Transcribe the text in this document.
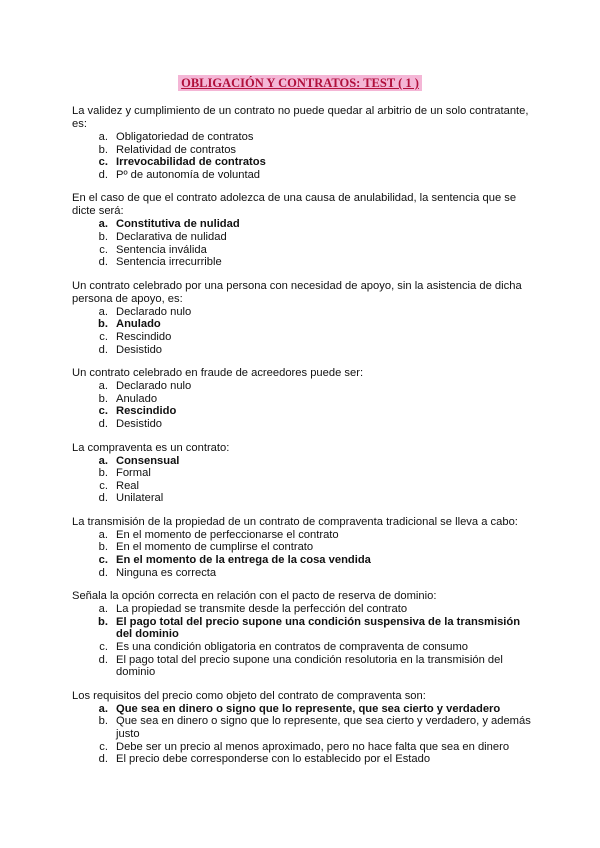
OBLIGACIÓN Y CONTRATOS: TEST ( 1 )

La validez y cumplimiento de un contrato no puede quedar al arbitrio de un solo contratante, es:

a. Obligatoriedad de contratos
b. Relatividad de contratos
c. Irrevocabilidad de contratos
d. Pº de autonomía de voluntad

En el caso de que el contrato adolezca de una causa de anulabilidad, la sentencia que se dicte será:

a. Constitutiva de nulidad
b. Declarativa de nulidad
c. Sentencia inválida
d. Sentencia irrecurrible

Un contrato celebrado por una persona con necesidad de apoyo, sin la asistencia de dicha persona de apoyo, es:

a. Declarado nulo
b. Anulado
c. Rescindido
d. Desistido

Un contrato celebrado en fraude de acreedores puede ser:

a. Declarado nulo
b. Anulado
c. Rescindido
d. Desistido

La compraventa es un contrato:

a. Consensual
b. Formal
c. Real
d. Unilateral

La transmisión de la propiedad de un contrato de compraventa tradicional se lleva a cabo:

a. En el momento de perfeccionarse el contrato
b. En el momento de cumplirse el contrato
c. En el momento de la entrega de la cosa vendida
d. Ninguna es correcta

Señala la opción correcta en relación con el pacto de reserva de dominio:

a. La propiedad se transmite desde la perfección del contrato
b. El pago total del precio supone una condición suspensiva de la transmisión del dominio
c. Es una condición obligatoria en contratos de compraventa de consumo
d. El pago total del precio supone una condición resolutoria en la transmisión del dominio

Los requisitos del precio como objeto del contrato de compraventa son:

a. Que sea en dinero o signo que lo represente, que sea cierto y verdadero
b. Que sea en dinero o signo que lo represente, que sea cierto y verdadero, y además justo
c. Debe ser un precio al menos aproximado, pero no hace falta que sea en dinero
d. El precio debe corresponderse con lo establecido por el Estado
